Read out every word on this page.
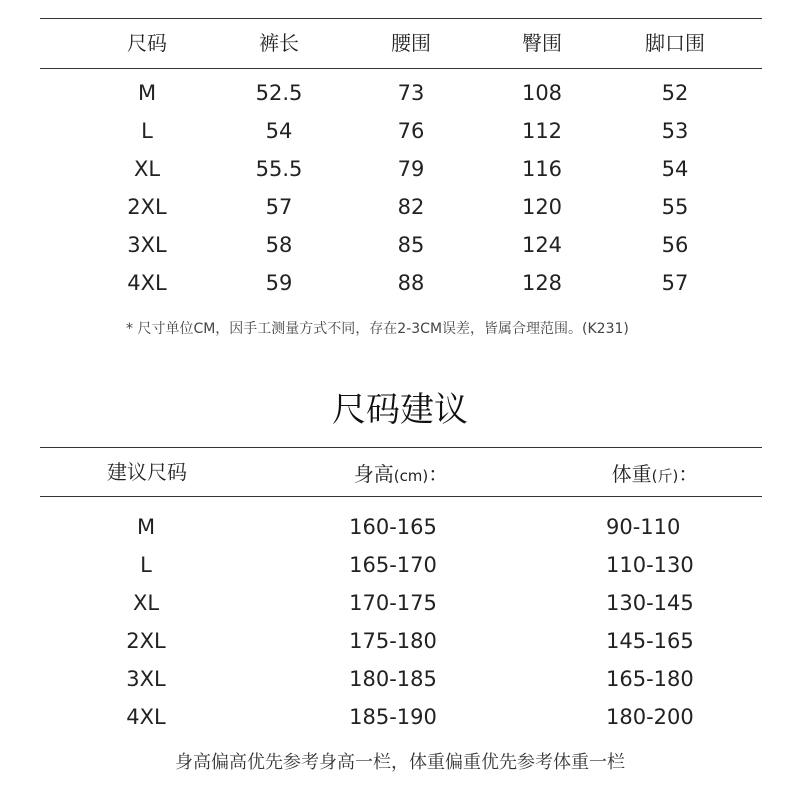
尺码	裤长	腰围	臀围	脚口围
M	52.5	73	108	52
L	54	76	112	53
XL	55.5	79	116	54
2XL	57	82	120	55
3XL	58	85	124	56
4XL	59	88	128	57
* 尺寸单位CM，因手工测量方式不同，存在2-3CM误差，皆属合理范围。(K231)
尺码建议
建议尺码	身高(cm)：	体重(斤)：
M	160-165	90-110
L	165-170	110-130
XL	170-175	130-145
2XL	175-180	145-165
3XL	180-185	165-180
4XL	185-190	180-200
身高偏高优先参考身高一栏，体重偏重优先参考体重一栏
